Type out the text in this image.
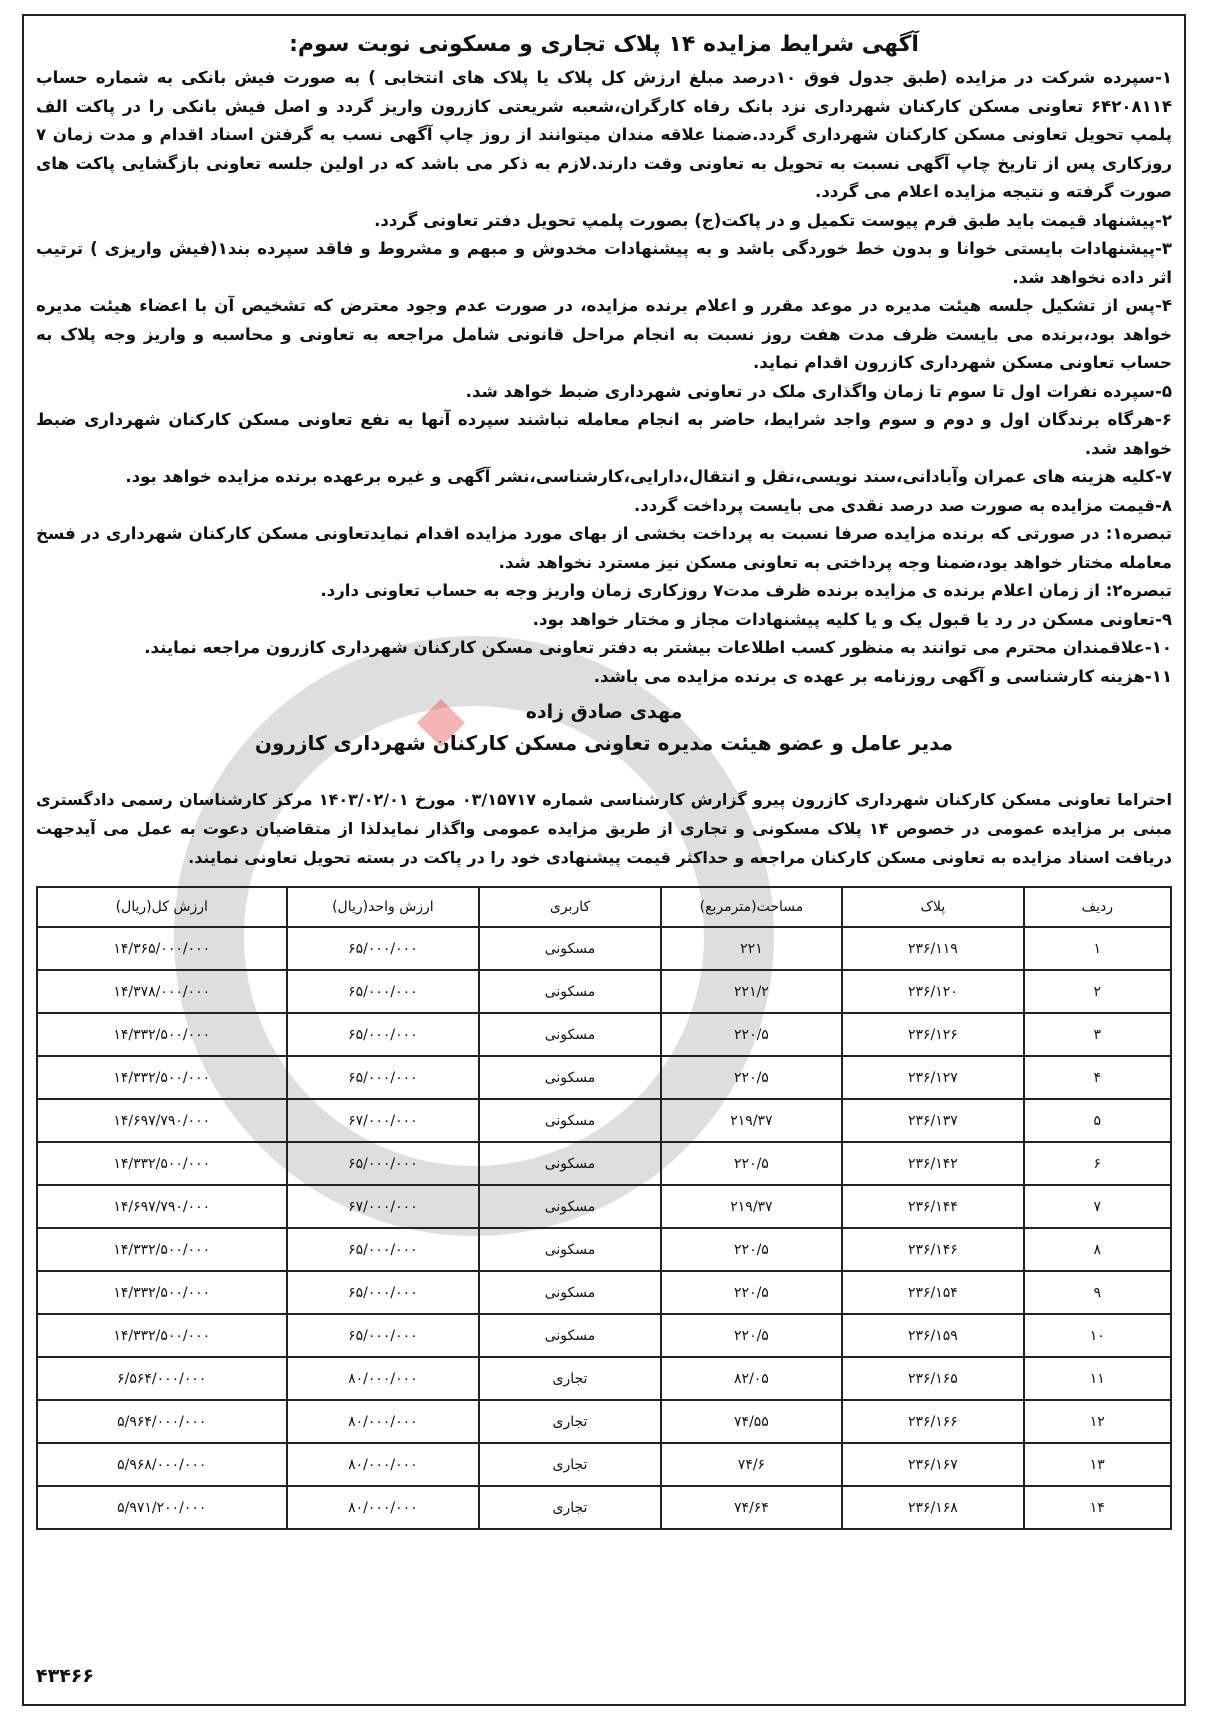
آگهی شرایط مزایده ۱۴ پلاک تجاری و مسکونی نوبت سوم:
۱-سپرده شرکت در مزایده (طبق جدول فوق ۱۰درصد مبلغ ارزش کل پلاک یا پلاک های انتخابی ) به صورت فیش بانکی به شماره حساب ۶۴۲۰۸۱۱۴ تعاونی مسکن کارکنان شهرداری نزد بانک رفاه کارگران،شعبه شریعتی کازرون واریز گردد و اصل فیش بانکی را در پاکت الف پلمپ تحویل تعاونی مسکن کارکنان شهرداری گردد.ضمنا علاقه مندان میتوانند از روز چاپ آگهی نسب به گرفتن اسناد اقدام و مدت زمان ۷ روزکاری پس از تاریخ چاپ آگهی نسبت به تحویل به تعاونی وقت دارند.لازم به ذکر می باشد که در اولین جلسه تعاونی بازگشایی پاکت های صورت گرفته و نتیجه مزایده اعلام می گردد.
۲-پیشنهاد قیمت باید طبق فرم پیوست تکمیل و در پاکت(ج) بصورت پلمپ تحویل دفتر تعاونی گردد.
۳-پیشنهادات بایستی خوانا و بدون خط خوردگی باشد و به پیشنهادات مخدوش و مبهم و مشروط و فاقد سپرده بند۱(فیش واریزی ) ترتیب اثر داده نخواهد شد.
۴-پس از تشکیل جلسه هیئت مدیره در موعد مقرر و اعلام برنده مزایده، در صورت عدم وجود معترض که تشخیص آن با اعضاء هیئت مدیره خواهد بود،برنده می بایست ظرف مدت هفت روز نسبت به انجام مراحل قانونی شامل مراجعه به تعاونی و محاسبه و واریز وجه پلاک به حساب تعاونی مسکن شهرداری کازرون اقدام نماید.
۵-سپرده نفرات اول تا سوم تا زمان واگذاری ملک در تعاونی شهرداری ضبط خواهد شد.
۶-هرگاه برندگان اول و دوم و سوم واجد شرایط، حاضر به انجام معامله نباشند سپرده آنها به نفع تعاونی مسکن کارکنان شهرداری ضبط خواهد شد.
۷-کلیه هزینه های عمران وآبادانی،سند نویسی،نقل و انتقال،دارایی،کارشناسی،نشر آگهی و غیره برعهده برنده مزایده خواهد بود.
۸-قیمت مزایده به صورت صد درصد نقدی می بایست پرداخت گردد.
تبصره۱: در صورتی که برنده مزایده صرفا نسبت به پرداخت بخشی از بهای مورد مزایده اقدام نمایدتعاونی مسکن کارکنان شهرداری در فسخ معامله مختار خواهد بود،ضمنا وجه پرداختی به تعاونی مسکن نیز مسترد نخواهد شد.
تبصره۲: از زمان اعلام برنده ی مزایده برنده ظرف مدت۷ روزکاری زمان واریز وجه به حساب تعاونی دارد.
۹-تعاونی مسکن در رد یا قبول یک و یا کلیه پیشنهادات مجاز و مختار خواهد بود.
۱۰-علاقمندان محترم می توانند به منظور کسب اطلاعات بیشتر به دفتر تعاونی مسکن کارکنان شهرداری کازرون مراجعه نمایند.
۱۱-هزینه کارشناسی و آگهی روزنامه بر عهده ی برنده مزایده می باشد.
مهدی صادق زاده
مدیر عامل و عضو هیئت مدیره تعاونی مسکن کارکنان شهرداری کازرون
احتراما تعاونی مسکن کارکنان شهرداری کازرون پیرو گزارش کارشناسی شماره ۰۳/۱۵۷۱۷ مورخ ۱۴۰۳/۰۲/۰۱ مرکز کارشناسان رسمی دادگستری مبنی بر مزایده عمومی در خصوص ۱۴ پلاک مسکونی و تجاری از طریق مزایده عمومی واگذار نمایدلذا از متقاضیان دعوت به عمل می آیدجهت دریافت اسناد مزایده به تعاونی مسکن کارکنان مراجعه و حداکثر قیمت پیشنهادی خود را در پاکت در بسته تحویل تعاونی نمایند.
ردیف	پلاک	مساحت(مترمربع)	کاربری	ارزش واحد(ریال)	ارزش کل(ریال)
۱	۲۳۶/۱۱۹	۲۲۱	مسکونی	۶۵/۰۰۰/۰۰۰	۱۴/۳۶۵/۰۰۰/۰۰۰
۲	۲۳۶/۱۲۰	۲۲۱/۲	مسکونی	۶۵/۰۰۰/۰۰۰	۱۴/۳۷۸/۰۰۰/۰۰۰
۳	۲۳۶/۱۲۶	۲۲۰/۵	مسکونی	۶۵/۰۰۰/۰۰۰	۱۴/۳۳۲/۵۰۰/۰۰۰
۴	۲۳۶/۱۲۷	۲۲۰/۵	مسکونی	۶۵/۰۰۰/۰۰۰	۱۴/۳۳۲/۵۰۰/۰۰۰
۵	۲۳۶/۱۳۷	۲۱۹/۳۷	مسکونی	۶۷/۰۰۰/۰۰۰	۱۴/۶۹۷/۷۹۰/۰۰۰
۶	۲۳۶/۱۴۲	۲۲۰/۵	مسکونی	۶۵/۰۰۰/۰۰۰	۱۴/۳۳۲/۵۰۰/۰۰۰
۷	۲۳۶/۱۴۴	۲۱۹/۳۷	مسکونی	۶۷/۰۰۰/۰۰۰	۱۴/۶۹۷/۷۹۰/۰۰۰
۸	۲۳۶/۱۴۶	۲۲۰/۵	مسکونی	۶۵/۰۰۰/۰۰۰	۱۴/۳۳۲/۵۰۰/۰۰۰
۹	۲۳۶/۱۵۴	۲۲۰/۵	مسکونی	۶۵/۰۰۰/۰۰۰	۱۴/۳۳۲/۵۰۰/۰۰۰
۱۰	۲۳۶/۱۵۹	۲۲۰/۵	مسکونی	۶۵/۰۰۰/۰۰۰	۱۴/۳۳۲/۵۰۰/۰۰۰
۱۱	۲۳۶/۱۶۵	۸۲/۰۵	تجاری	۸۰/۰۰۰/۰۰۰	۶/۵۶۴/۰۰۰/۰۰۰
۱۲	۲۳۶/۱۶۶	۷۴/۵۵	تجاری	۸۰/۰۰۰/۰۰۰	۵/۹۶۴/۰۰۰/۰۰۰
۱۳	۲۳۶/۱۶۷	۷۴/۶	تجاری	۸۰/۰۰۰/۰۰۰	۵/۹۶۸/۰۰۰/۰۰۰
۱۴	۲۳۶/۱۶۸	۷۴/۶۴	تجاری	۸۰/۰۰۰/۰۰۰	۵/۹۷۱/۲۰۰/۰۰۰
۴۳۴۶۶
